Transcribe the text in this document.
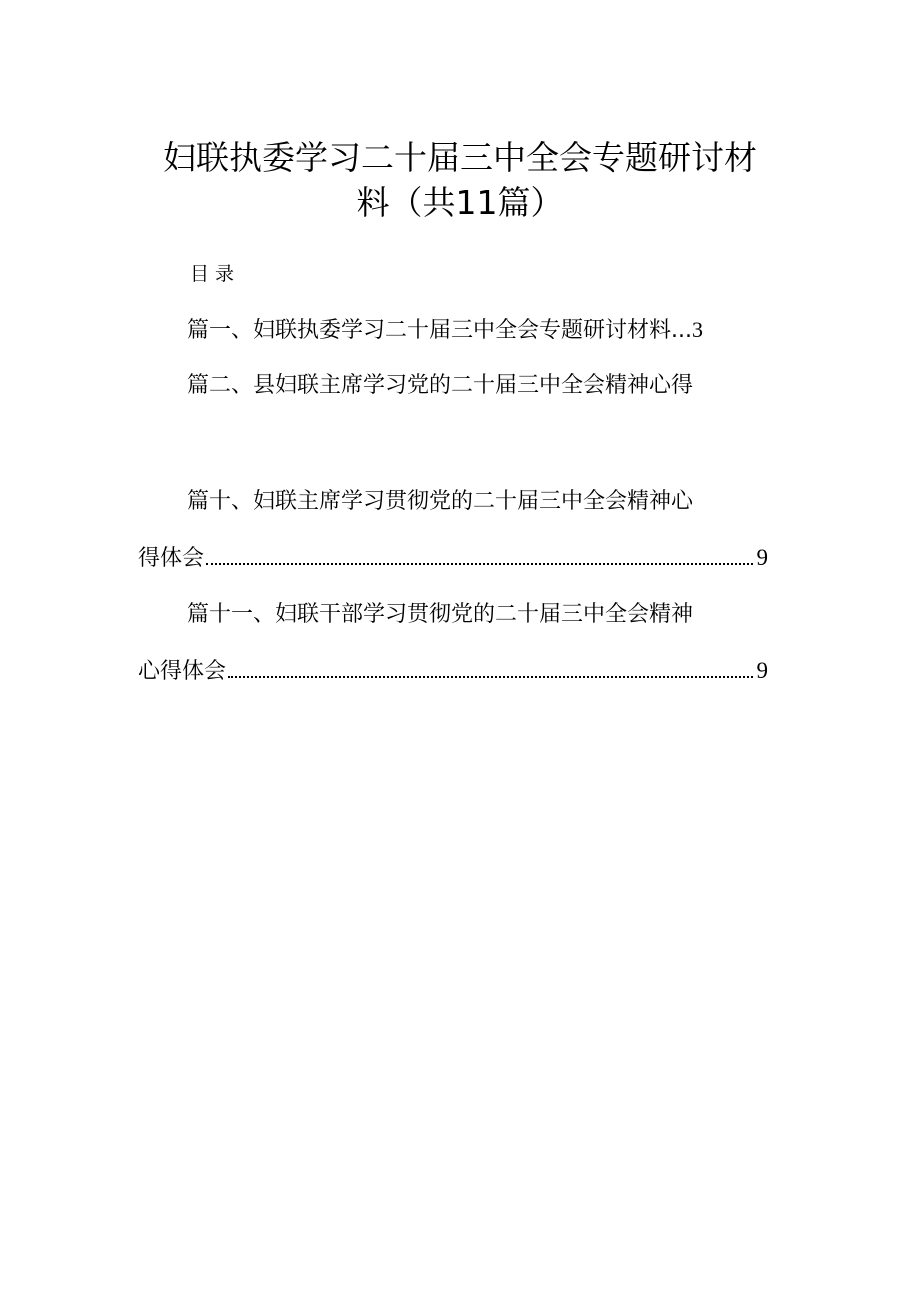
妇联执委学习二十届三中全会专题研讨材
料（共11篇）
目录
篇一、妇联执委学习二十届三中全会专题研讨材料...3
篇二、县妇联主席学习党的二十届三中全会精神心得
篇十、妇联主席学习贯彻党的二十届三中全会精神心
得体会	9
篇十一、妇联干部学习贯彻党的二十届三中全会精神
心得体会	9
